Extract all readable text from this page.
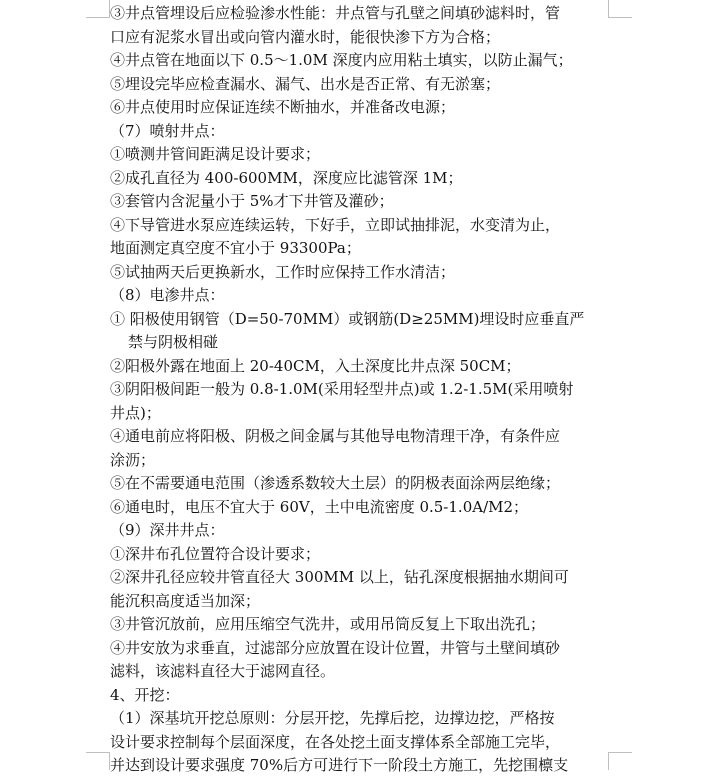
③井点管埋设后应检验渗水性能：井点管与孔壁之间填砂滤料时，管
口应有泥浆水冒出或向管内灌水时，能很快渗下方为合格；
④井点管在地面以下 0.5～1.0M 深度内应用粘土填实，以防止漏气；
⑤埋设完毕应检查漏水、漏气、出水是否正常、有无淤塞；
⑥井点使用时应保证连续不断抽水，并准备改电源；
（7）喷射井点：
①喷测井管间距满足设计要求；
②成孔直径为 400-600MM，深度应比滤管深 1M；
③套管内含泥量小于 5%才下井管及灌砂；
④下导管进水泵应连续运转，下好手，立即试抽排泥，水变清为止，
地面测定真空度不宜小于 93300Pa；
⑤试抽两天后更换新水，工作时应保持工作水清洁；
（8）电渗井点：
① 阳极使用钢管（D=50-70MM）或钢筋(D≥25MM)埋设时应垂直严
禁与阴极相碰
②阳极外露在地面上 20-40CM，入土深度比井点深 50CM；
③阴阳极间距一般为 0.8-1.0M(采用轻型井点)或 1.2-1.5M(采用喷射
井点)；
④通电前应将阳极、阴极之间金属与其他导电物清理干净，有条件应
涂沥；
⑤在不需要通电范围（渗透系数较大土层）的阴极表面涂两层绝缘；
⑥通电时，电压不宜大于 60V，土中电流密度 0.5-1.0A/M2；
（9）深井井点：
①深井布孔位置符合设计要求；
②深井孔径应较井管直径大 300MM 以上，钻孔深度根据抽水期间可
能沉积高度适当加深；
③井管沉放前，应用压缩空气洗井，或用吊筒反复上下取出洗孔；
④井安放为求垂直，过滤部分应放置在设计位置，井管与土壁间填砂
滤料，该滤料直径大于滤网直径。
4、开挖：
（1）深基坑开挖总原则：分层开挖，先撑后挖，边撑边挖，严格按
设计要求控制每个层面深度，在各处挖土面支撑体系全部施工完毕，
并达到设计要求强度 70%后方可进行下一阶段土方施工，先挖围檩支
